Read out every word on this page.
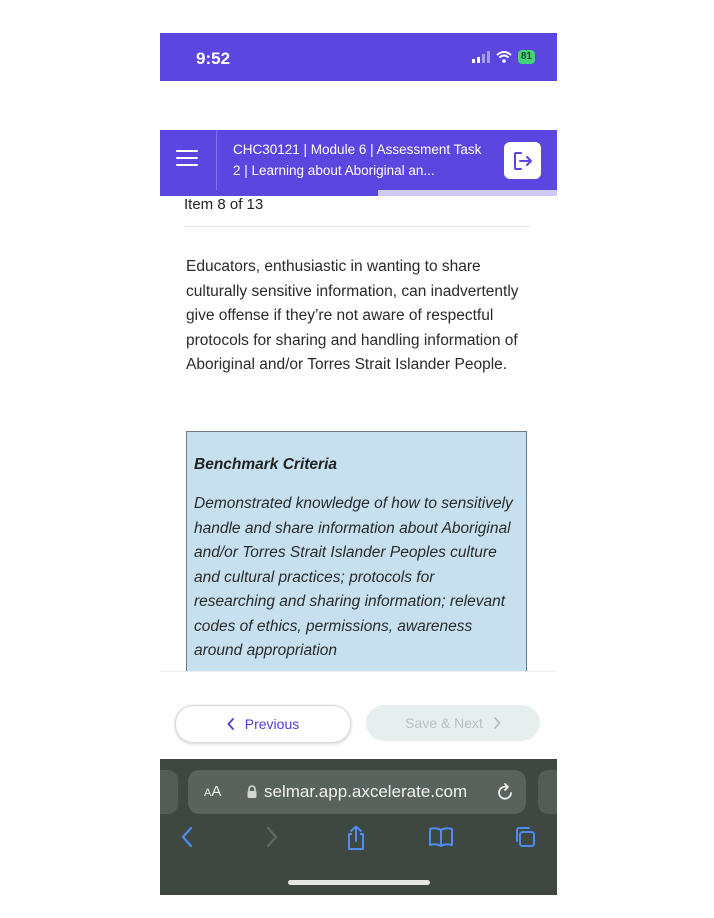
9:52	81
CHC30121 | Module 6 | Assessment Task 2 | Learning about Aboriginal an...
Item 8 of 13
Educators, enthusiastic in wanting to share culturally sensitive information, can inadvertently give offense if they’re not aware of respectful protocols for sharing and handling information of Aboriginal and/or Torres Strait Islander People.
Benchmark Criteria
Demonstrated knowledge of how to sensitively handle and share information about Aboriginal and/or Torres Strait Islander Peoples culture and cultural practices; protocols for researching and sharing information; relevant codes of ethics, permissions, awareness around appropriation
Previous	Save & Next
AA	selmar.app.axcelerate.com
